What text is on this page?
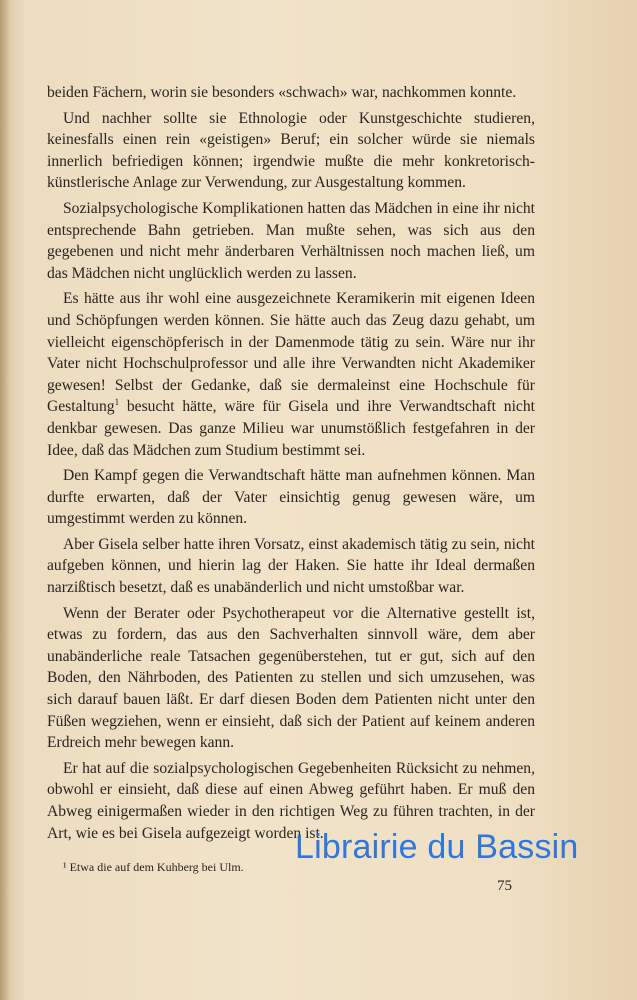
beiden Fächern, worin sie besonders «schwach» war, nachkommen konnte.

Und nachher sollte sie Ethnologie oder Kunstgeschichte studieren, keinesfalls einen rein «geistigen» Beruf; ein solcher würde sie niemals innerlich befriedigen können; irgendwie mußte die mehr konkretorisch-künstlerische Anlage zur Verwendung, zur Ausgestaltung kommen.

Sozialpsychologische Komplikationen hatten das Mädchen in eine ihr nicht entsprechende Bahn getrieben. Man mußte sehen, was sich aus den gegebenen und nicht mehr änderbaren Verhältnissen noch machen ließ, um das Mädchen nicht unglücklich werden zu lassen.

Es hätte aus ihr wohl eine ausgezeichnete Keramikerin mit eigenen Ideen und Schöpfungen werden können. Sie hätte auch das Zeug dazu gehabt, um vielleicht eigenschöpferisch in der Damenmode tätig zu sein. Wäre nur ihr Vater nicht Hochschulprofessor und alle ihre Verwandten nicht Akademiker gewesen! Selbst der Gedanke, daß sie dermaleinst eine Hochschule für Gestaltung$^1$ besucht hätte, wäre für Gisela und ihre Verwandtschaft nicht denkbar gewesen. Das ganze Milieu war unumstößlich festgefahren in der Idee, daß das Mädchen zum Studium bestimmt sei.

Den Kampf gegen die Verwandtschaft hätte man aufnehmen können. Man durfte erwarten, daß der Vater einsichtig genug gewesen wäre, um umgestimmt werden zu können.

Aber Gisela selber hatte ihren Vorsatz, einst akademisch tätig zu sein, nicht aufgeben können, und hierin lag der Haken. Sie hatte ihr Ideal dermaßen narzißtisch besetzt, daß es unabänderlich und nicht umstoßbar war.

Wenn der Berater oder Psychotherapeut vor die Alternative gestellt ist, etwas zu fordern, das aus den Sachverhalten sinnvoll wäre, dem aber unabänderliche reale Tatsachen gegenüberstehen, tut er gut, sich auf den Boden, den Nährboden, des Patienten zu stellen und sich umzusehen, was sich darauf bauen läßt. Er darf diesen Boden dem Patienten nicht unter den Füßen wegziehen, wenn er einsieht, daß sich der Patient auf keinem anderen Erdreich mehr bewegen kann.

Er hat auf die sozialpsychologischen Gegebenheiten Rücksicht zu nehmen, obwohl er einsieht, daß diese auf einen Abweg geführt haben. Er muß den Abweg einigermaßen wieder in den richtigen Weg zu führen trachten, in der Art, wie es bei Gisela aufgezeigt worden ist.

¹ Etwa die auf dem Kuhberg bei Ulm.
75
Librairie du Bassin
